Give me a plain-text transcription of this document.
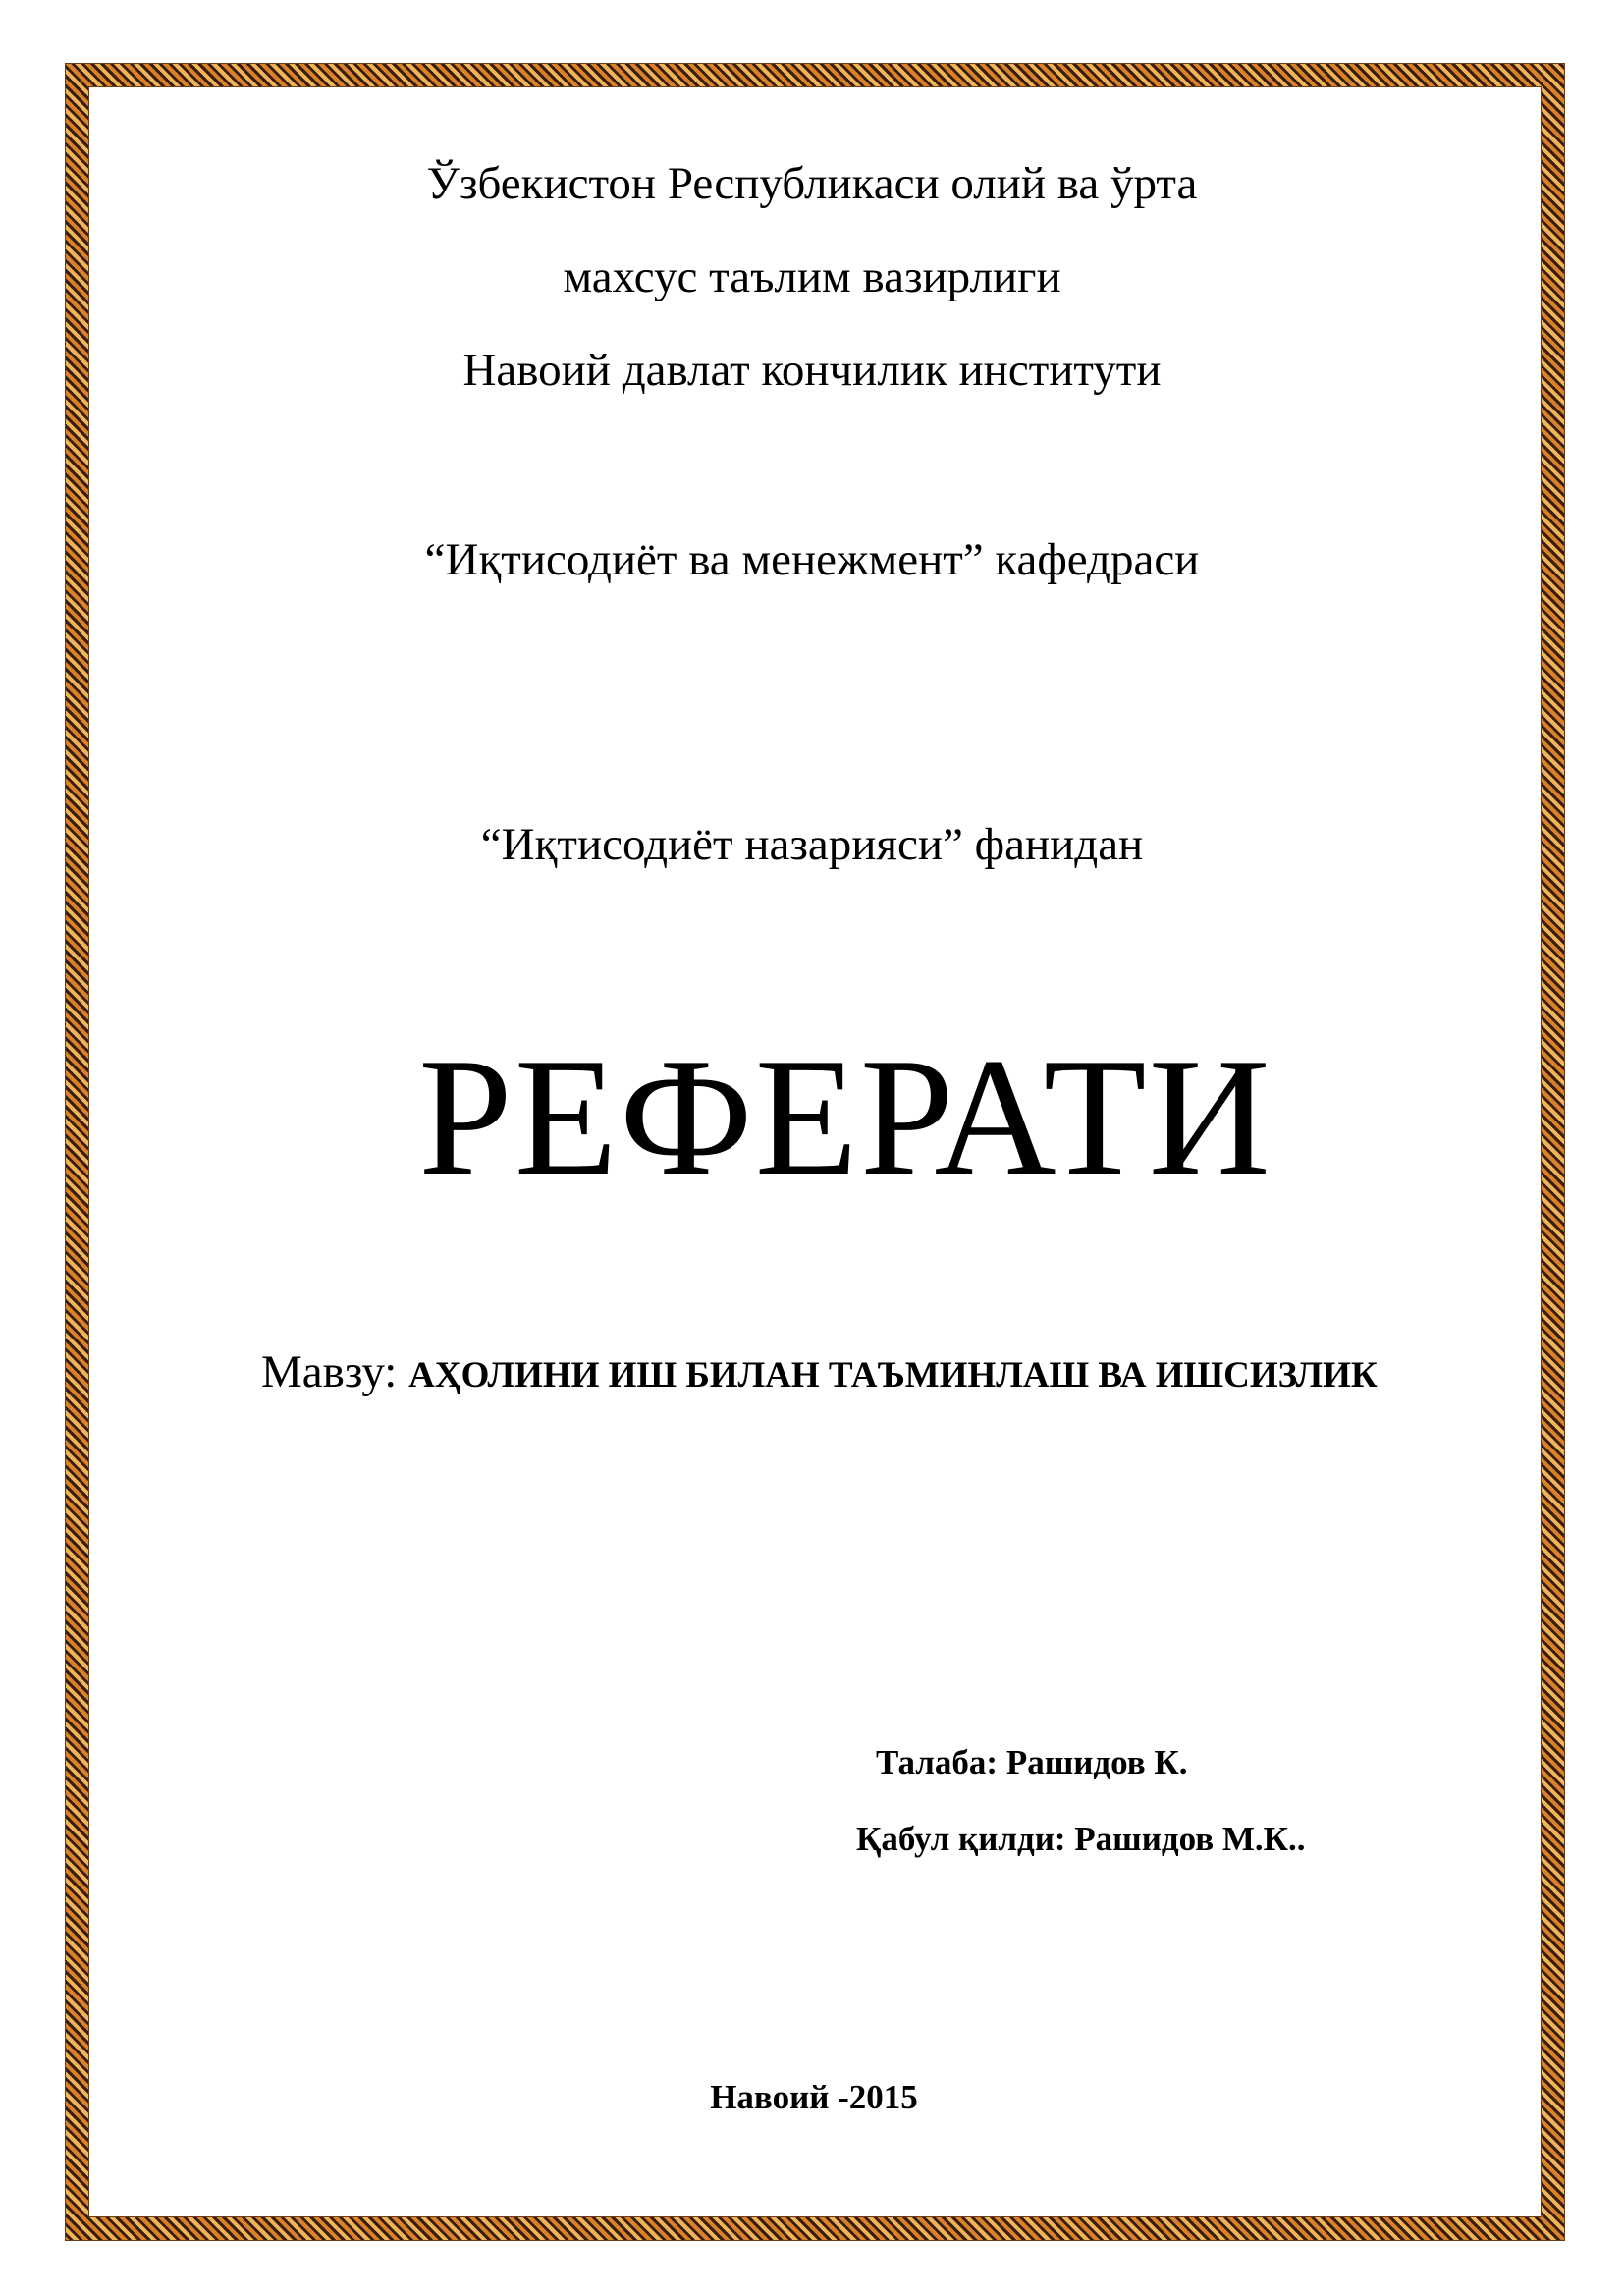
Ўзбекистон Республикаси олий ва ўрта
махсус таълим вазирлиги
Навоий давлат кончилик институти
“Иқтисодиёт ва менежмент” кафедраси
“Иқтисодиёт назарияси” фанидан
РЕФЕРАТИ
Мавзу: АҲОЛИНИ ИШ БИЛАН ТАЪМИНЛАШ ВА ИШСИЗЛИК
Талаба: Рашидов К.
Қабул қилди: Рашидов М.К..
Навоий -2015
